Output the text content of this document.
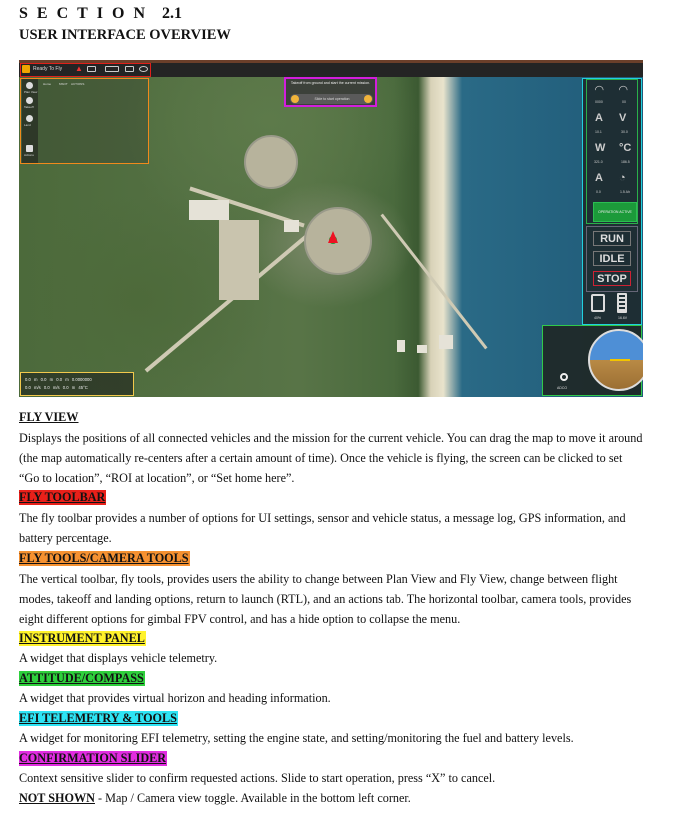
SECTION 2.1
USER INTERFACE OVERVIEW
Ready To Fly ▲
Plan View
Takeoff
Land
Actions
Home	MSOT ACTIONS	Takeoff from ground and start the current mission.
Slide to start operation
◠ ◠
0000	00
A V
10.1	30.0
W °C
321.0	186.5
A ◔
0.0	1.5 Ah
OPERATION ACTIVE
RUN
IDLE
STOP
40%	16.6V
ADCO
0.0 m 0.0 m 0.0 m 0.0000000
0.0 m/s 0.0 m/s 0.0 m 45°C
FLY VIEW
Displays the positions of all connected vehicles and the mission for the current vehicle. You can drag the map to move it around (the map automatically re-centers after a certain amount of time). Once the vehicle is flying, the screen can be clicked to set “Go to location”, “ROI at location”, or “Set home here”.
FLY TOOLBAR
The fly toolbar provides a number of options for UI settings, sensor and vehicle status, a message log, GPS information, and battery percentage.
FLY TOOLS/CAMERA TOOLS
The vertical toolbar, fly tools, provides users the ability to change between Plan View and Fly View, change between flight modes, takeoff and landing options, return to launch (RTL), and an actions tab. The horizontal toolbar, camera tools, provides eight different options for gimbal FPV control, and has a hide option to collapse the menu.
INSTRUMENT PANEL
A widget that displays vehicle telemetry.
ATTITUDE/COMPASS
A widget that provides virtual horizon and heading information.
EFI TELEMETRY & TOOLS
A widget for monitoring EFI telemetry, setting the engine state, and setting/monitoring the fuel and battery levels.
CONFIRMATION SLIDER
Context sensitive slider to confirm requested actions. Slide to start operation, press “X” to cancel.
NOT SHOWN - Map / Camera view toggle. Available in the bottom left corner.
